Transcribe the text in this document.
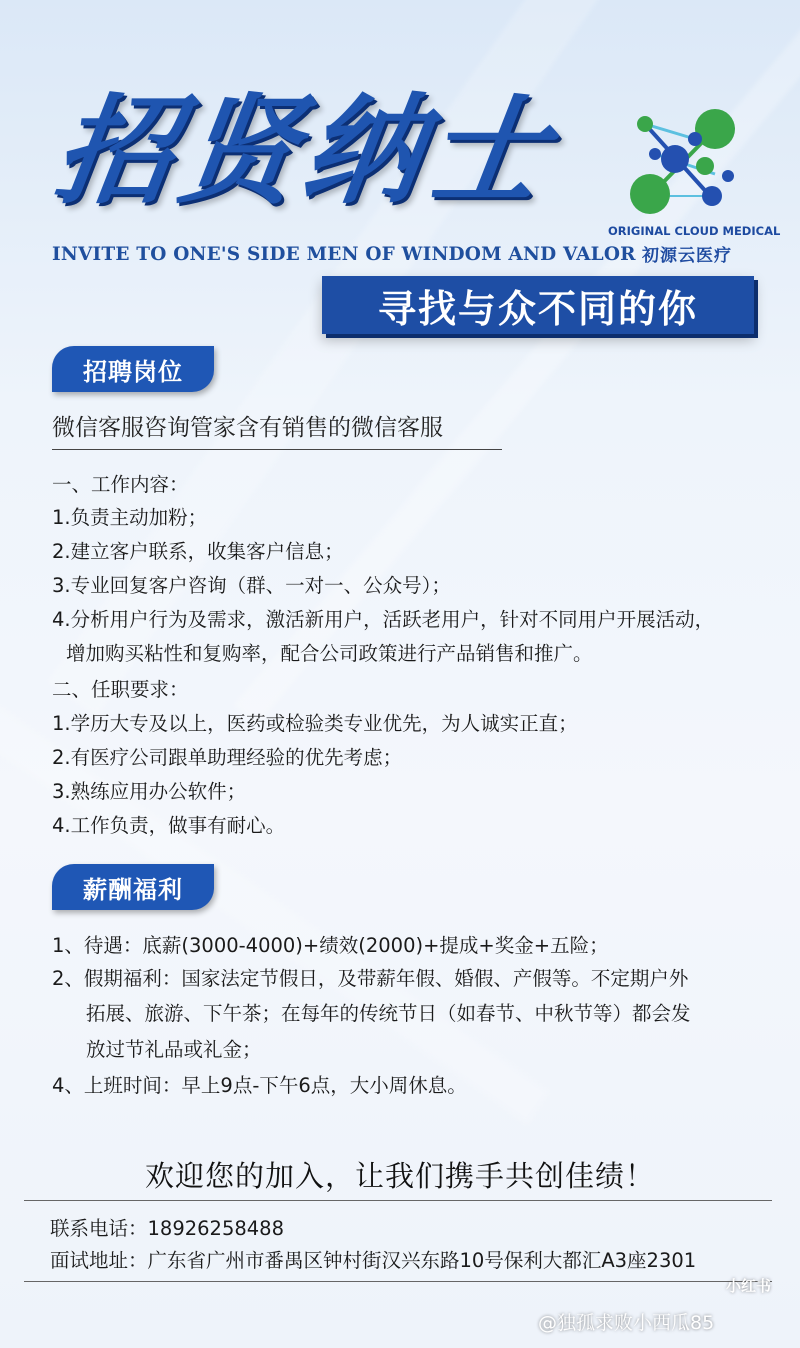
招贤纳士
INVITE TO ONE'S SIDE MEN OF WINDOM AND VALOR
ORIGINAL CLOUD MEDICAL
初源云医疗
寻找与众不同的你
招聘岗位
微信客服咨询管家含有销售的微信客服
一、工作内容：
1.负责主动加粉；
2.建立客户联系，收集客户信息；
3.专业回复客户咨询（群、一对一、公众号）；
4.分析用户行为及需求，激活新用户，活跃老用户，针对不同用户开展活动，
增加购买粘性和复购率，配合公司政策进行产品销售和推广。
二、任职要求：
1.学历大专及以上，医药或检验类专业优先，为人诚实正直；
2.有医疗公司跟单助理经验的优先考虑；
3.熟练应用办公软件；
4.工作负责，做事有耐心。
薪酬福利
1、待遇：底薪(3000-4000)+绩效(2000)+提成+奖金+五险；
2、假期福利：国家法定节假日，及带薪年假、婚假、产假等。不定期户外
拓展、旅游、下午茶；在每年的传统节日（如春节、中秋节等）都会发
放过节礼品或礼金；
4、上班时间：早上9点-下午6点，大小周休息。
欢迎您的加入，让我们携手共创佳绩！
联系电话：18926258488
面试地址：广东省广州市番禺区钟村街汉兴东路10号保利大都汇A3座2301
小红书
@独孤求败小西瓜85
